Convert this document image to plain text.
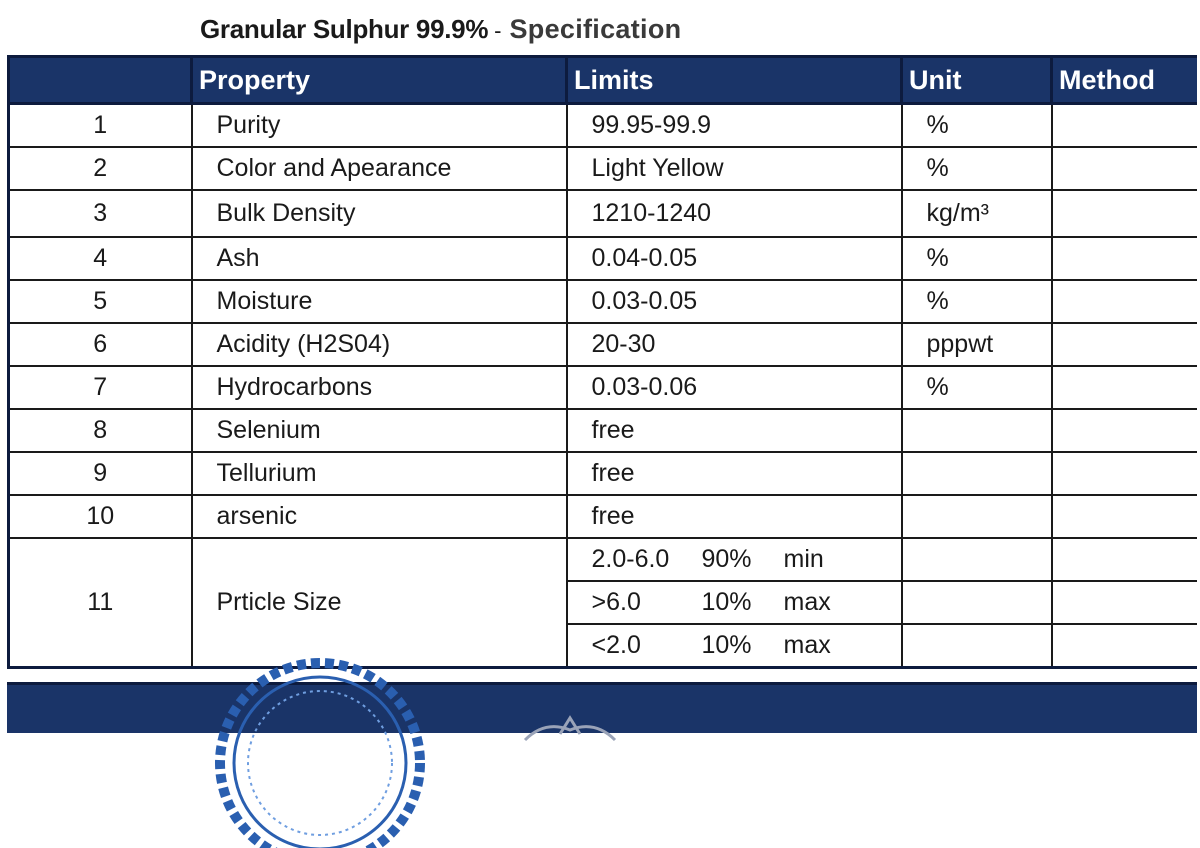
Granular Sulphur 99.9% - Specification
	Property	Limits	Unit	Method
1	Purity	99.95-99.9	%	
2	Color and Apearance	Light Yellow	%	
3	Bulk Density	1210-1240	kg/m³	
4	Ash	0.04-0.05	%	
5	Moisture	0.03-0.05	%	
6	Acidity (H2S04)	20-30	pppwt	
7	Hydrocarbons	0.03-0.06	%	
8	Selenium	free		
9	Tellurium	free		
10	arsenic	free		
11	Prticle Size	2.0-6.0 90% min		
		>6.0 10% max		
		<2.0 10% max		
